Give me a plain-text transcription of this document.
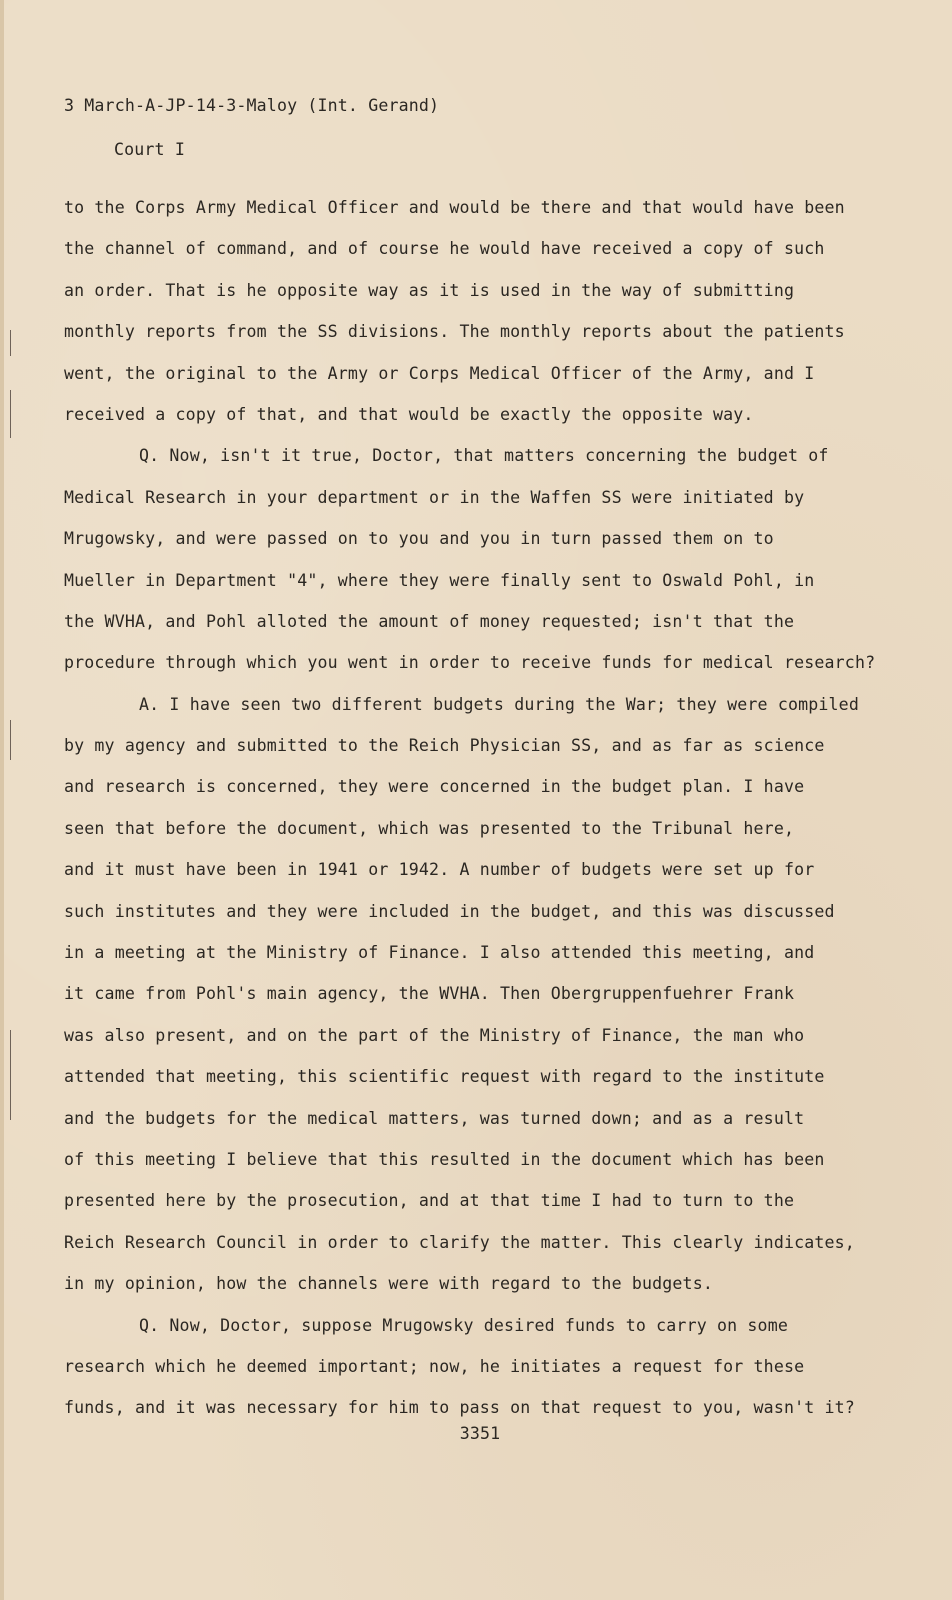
3 March-A-JP-14-3-Maloy (Int. Gerand)
Court I
to the Corps Army Medical Officer and would be there and that would have been
the channel of command, and of course he would have received a copy of such
an order. That is he opposite way as it is used in the way of submitting
monthly reports from the SS divisions. The monthly reports about the patients
went, the original to the Army or Corps Medical Officer of the Army, and I
received a copy of that, and that would be exactly the opposite way.
Q. Now, isn't it true, Doctor, that matters concerning the budget of
Medical Research in your department or in the Waffen SS were initiated by
Mrugowsky, and were passed on to you and you in turn passed them on to
Mueller in Department "4", where they were finally sent to Oswald Pohl, in
the WVHA, and Pohl alloted the amount of money requested; isn't that the
procedure through which you went in order to receive funds for medical research?
A. I have seen two different budgets during the War; they were compiled
by my agency and submitted to the Reich Physician SS, and as far as science
and research is concerned, they were concerned in the budget plan. I have
seen that before the document, which was presented to the Tribunal here,
and it must have been in 1941 or 1942. A number of budgets were set up for
such institutes and they were included in the budget, and this was discussed
in a meeting at the Ministry of Finance. I also attended this meeting, and
it came from Pohl's main agency, the WVHA. Then Obergruppenfuehrer Frank
was also present, and on the part of the Ministry of Finance, the man who
attended that meeting, this scientific request with regard to the institute
and the budgets for the medical matters, was turned down; and as a result
of this meeting I believe that this resulted in the document which has been
presented here by the prosecution, and at that time I had to turn to the
Reich Research Council in order to clarify the matter. This clearly indicates,
in my opinion, how the channels were with regard to the budgets.
Q. Now, Doctor, suppose Mrugowsky desired funds to carry on some
research which he deemed important; now, he initiates a request for these
funds, and it was necessary for him to pass on that request to you, wasn't it?
3351
